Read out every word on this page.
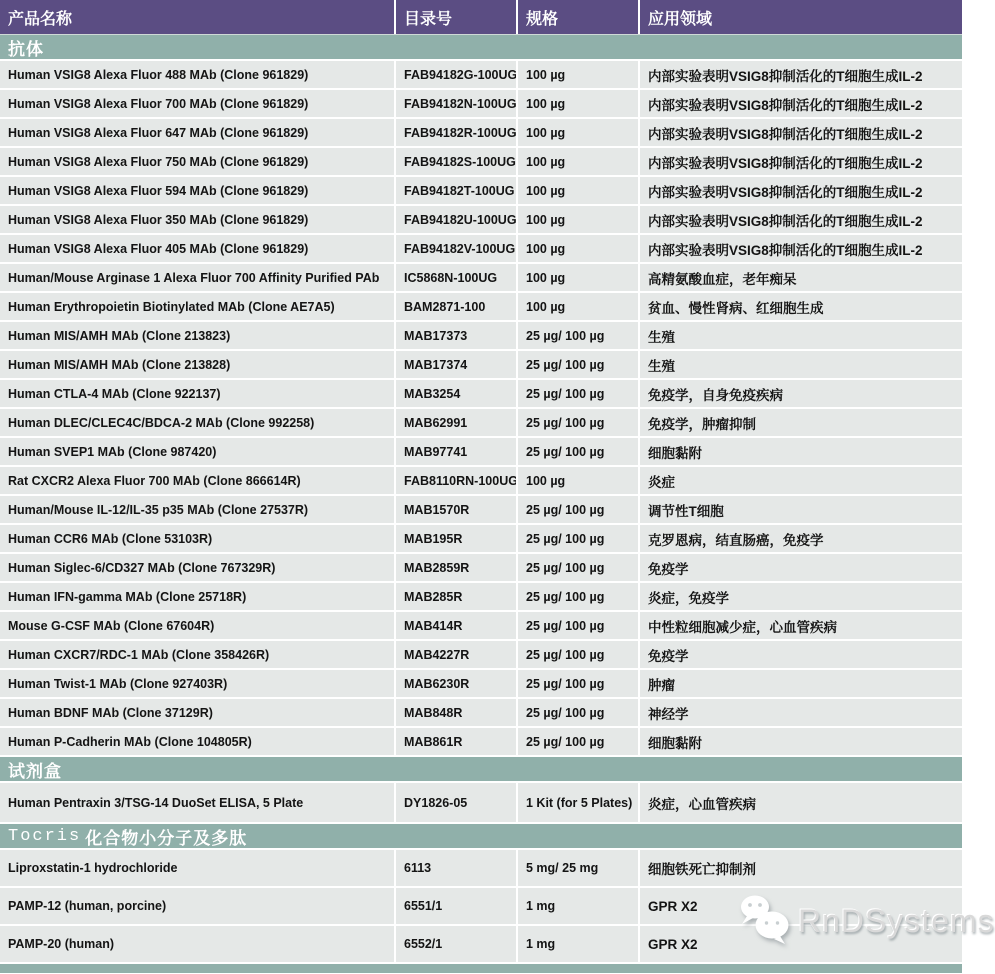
产品名称	目录号	规格	应用领域
抗体
Human VSIG8 Alexa Fluor 488 MAb (Clone 961829)	FAB94182G-100UG 100 µg	内部实验表明VSIG8抑制活化的T细胞生成IL-2
Human VSIG8 Alexa Fluor 700 MAb (Clone 961829)	FAB94182N-100UG 100 µg	内部实验表明VSIG8抑制活化的T细胞生成IL-2
Human VSIG8 Alexa Fluor 647 MAb (Clone 961829)	FAB94182R-100UG 100 µg	内部实验表明VSIG8抑制活化的T细胞生成IL-2
Human VSIG8 Alexa Fluor 750 MAb (Clone 961829)	FAB94182S-100UG 100 µg	内部实验表明VSIG8抑制活化的T细胞生成IL-2
Human VSIG8 Alexa Fluor 594 MAb (Clone 961829)	FAB94182T-100UG 100 µg	内部实验表明VSIG8抑制活化的T细胞生成IL-2
Human VSIG8 Alexa Fluor 350 MAb (Clone 961829)	FAB94182U-100UG 100 µg	内部实验表明VSIG8抑制活化的T细胞生成IL-2
Human VSIG8 Alexa Fluor 405 MAb (Clone 961829)	FAB94182V-100UG 100 µg	内部实验表明VSIG8抑制活化的T细胞生成IL-2
Human/Mouse Arginase 1 Alexa Fluor 700 Affinity Purified PAb	IC5868N-100UG	100 µg	高精氨酸血症，老年痴呆
Human Erythropoietin Biotinylated MAb (Clone AE7A5)	BAM2871-100	100 µg	贫血、慢性肾病、红细胞生成
Human MIS/AMH MAb (Clone 213823)	MAB17373	25 µg/ 100 µg	生殖
Human MIS/AMH MAb (Clone 213828)	MAB17374	25 µg/ 100 µg	生殖
Human CTLA-4 MAb (Clone 922137)	MAB3254	25 µg/ 100 µg	免疫学，自身免疫疾病
Human DLEC/CLEC4C/BDCA-2 MAb (Clone 992258)	MAB62991	25 µg/ 100 µg	免疫学，肿瘤抑制
Human SVEP1 MAb (Clone 987420)	MAB97741	25 µg/ 100 µg	细胞黏附
Rat CXCR2 Alexa Fluor 700 MAb (Clone 866614R)	FAB8110RN-100UG 100 µg	炎症
Human/Mouse IL-12/IL-35 p35 MAb (Clone 27537R)	MAB1570R	25 µg/ 100 µg	调节性T细胞
Human CCR6 MAb (Clone 53103R)	MAB195R	25 µg/ 100 µg	克罗恩病，结直肠癌，免疫学
Human Siglec-6/CD327 MAb (Clone 767329R)	MAB2859R	25 µg/ 100 µg	免疫学
Human IFN-gamma MAb (Clone 25718R)	MAB285R	25 µg/ 100 µg	炎症，免疫学
Mouse G-CSF MAb (Clone 67604R)	MAB414R	25 µg/ 100 µg	中性粒细胞减少症，心血管疾病
Human CXCR7/RDC-1 MAb (Clone 358426R)	MAB4227R	25 µg/ 100 µg	免疫学
Human Twist-1 MAb (Clone 927403R)	MAB6230R	25 µg/ 100 µg	肿瘤
Human BDNF MAb (Clone 37129R)	MAB848R	25 µg/ 100 µg	神经学
Human P-Cadherin MAb (Clone 104805R)	MAB861R	25 µg/ 100 µg	细胞黏附
试剂盒
Human Pentraxin 3/TSG-14 DuoSet ELISA, 5 Plate	DY1826-05	1 Kit (for 5 Plates)	炎症，心血管疾病
Tocris 化合物小分子及多肽
Liproxstatin-1 hydrochloride	6113	5 mg/ 25 mg	细胞铁死亡抑制剂
PAMP-12 (human, porcine)	6551/1	1 mg	GPR X2
PAMP-20 (human)	6552/1	1 mg	GPR X2
RnDSystems
